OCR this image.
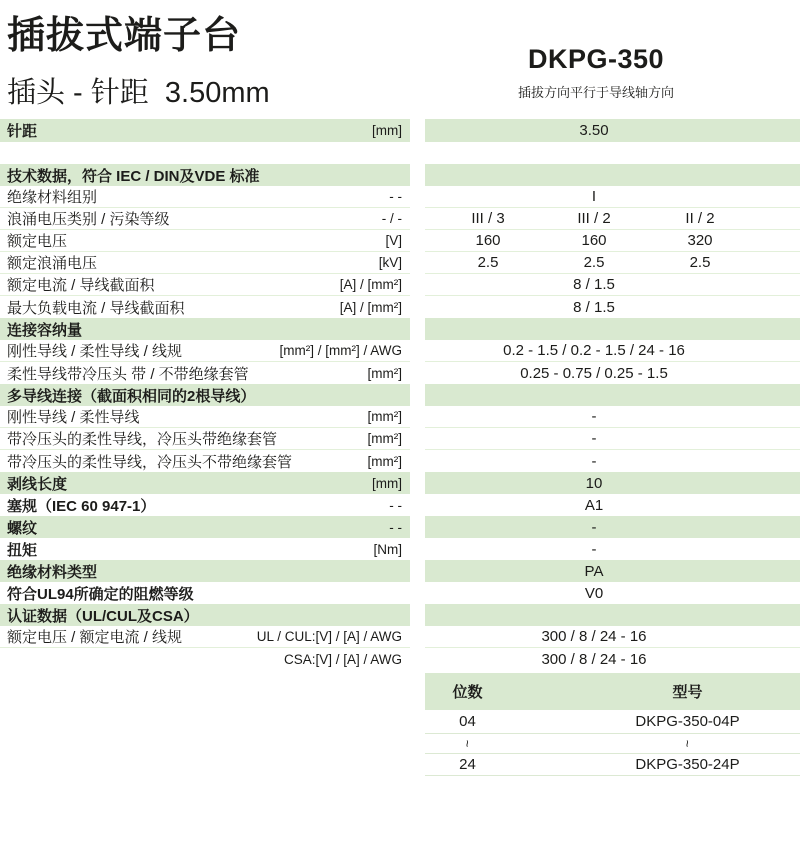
插拔式端子台
插头 - 针距  3.50mm
DKPG-350
插拔方向平行于导线轴方向
针距	[mm]	3.50
技术数据，符合 IEC / DIN及VDE 标准
绝缘材料组别	- -	I
浪涌电压类别 / 污染等级	- / -	III / 3	III / 2	II / 2
额定电压	[V]	160	160	320
额定浪涌电压	[kV]	2.5	2.5	2.5
额定电流 / 导线截面积	[A] / [mm²]	8 / 1.5
最大负载电流 / 导线截面积	[A] / [mm²]	8 / 1.5
连接容纳量
刚性导线 / 柔性导线 / 线规	[mm²] / [mm²] / AWG	0.2 - 1.5 / 0.2 - 1.5 / 24 - 16
柔性导线带冷压头 带 / 不带绝缘套管	[mm²]	0.25 - 0.75 / 0.25 - 1.5
多导线连接（截面积相同的2根导线）
刚性导线 / 柔性导线	[mm²]	-
带冷压头的柔性导线，冷压头带绝缘套管	[mm²]	-
带冷压头的柔性导线，冷压头不带绝缘套管	[mm²]	-
剥线长度	[mm]	10
塞规（IEC 60 947-1）	- -	A1
螺纹	- -	-
扭矩	[Nm]	-
绝缘材料类型	PA
符合UL94所确定的阻燃等级	V0
认证数据（UL/CUL及CSA）
额定电压 / 额定电流 / 线规	UL / CUL:[V] / [A] / AWG	300 / 8 / 24 - 16
CSA:[V] / [A] / AWG	300 / 8 / 24 - 16
位数	型号
04	DKPG-350-04P
~	~
24	DKPG-350-24P
